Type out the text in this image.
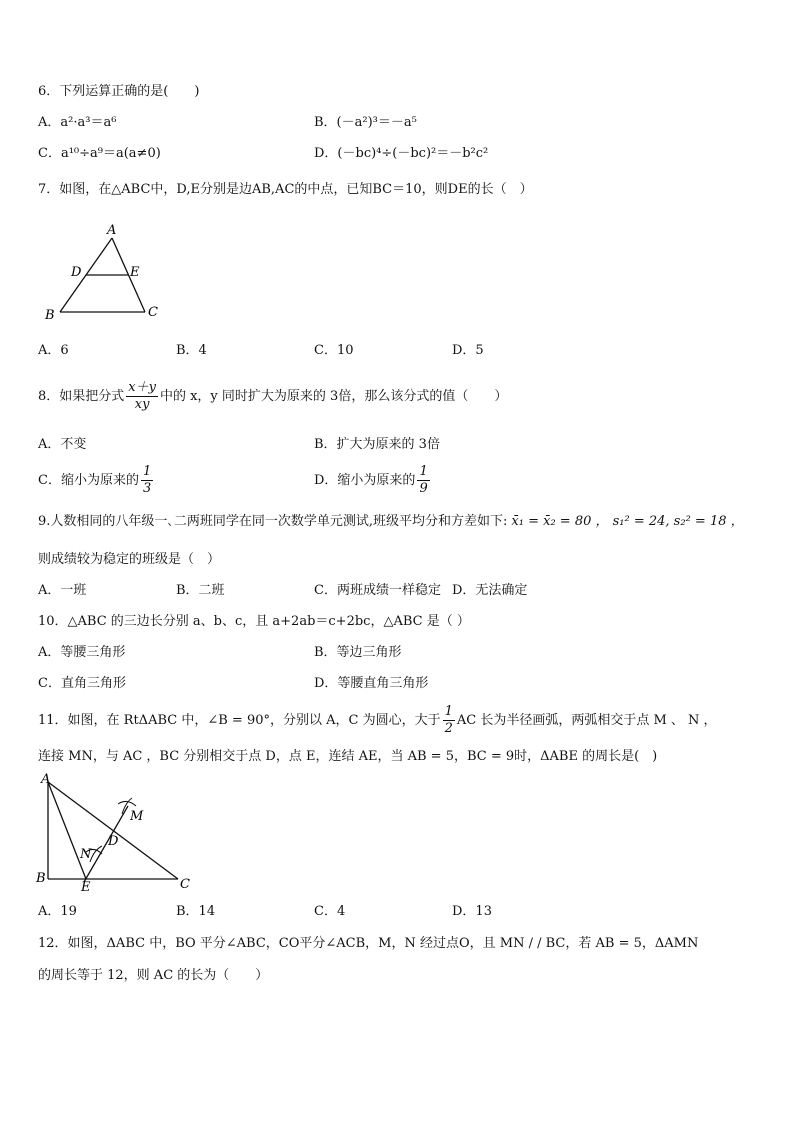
6．下列运算正确的是(　　)
A．a²·a³＝a⁶	B．(－a²)³＝－a⁵
C．a¹⁰÷a⁹＝a(a≠0)	D．(－bc)⁴÷(－bc)²＝－b²c²
7．如图，在△ABC中，D,E分别是边AB,AC的中点，已知BC＝10，则DE的长（　）
A
D	E
B	C
A．6	B．4	C．10	D．5
8．如果把分式 $\frac{x+y}{xy}$ 中的 x，y 同时扩大为原来的 3倍，那么该分式的值（　　）
A．不变	B．扩大为原来的 3倍
C．缩小为原来的 $\frac{1}{3}$	D．缩小为原来的 $\frac{1}{9}$
9.人数相同的八年级一､二两班同学在同一次数学单元测试,班级平均分和方差如下: x̄₁ = x̄₂ = 80 ， s₁² = 24, s₂² = 18 ，
则成绩较为稳定的班级是（　）
A．一班	B．二班	C．两班成绩一样稳定 D．无法确定
10．△ABC 的三边长分别 a、b、c，且 a+2ab＝c+2bc，△ABC 是（ ）
A．等腰三角形	B．等边三角形
C．直角三角形	D．等腰直角三角形
11．如图，在 RtΔABC 中，∠B = 90°，分别以 A，C 为圆心，大于 $\frac{1}{2}$ AC 长为半径画弧，两弧相交于点 M 、 N ，
连接 MN，与 AC ，BC 分别相交于点 D，点 E，连结 AE，当 AB = 5，BC = 9时，ΔABE 的周长是(　)
A
B	C
D
E
M
N
A．19	B．14	C．4	D．13
12．如图，ΔABC 中，BO 平分∠ABC，CO平分∠ACB，M，N 经过点O，且 MN / / BC，若 AB = 5，ΔAMN
的周长等于 12，则 AC 的长为（　　）
